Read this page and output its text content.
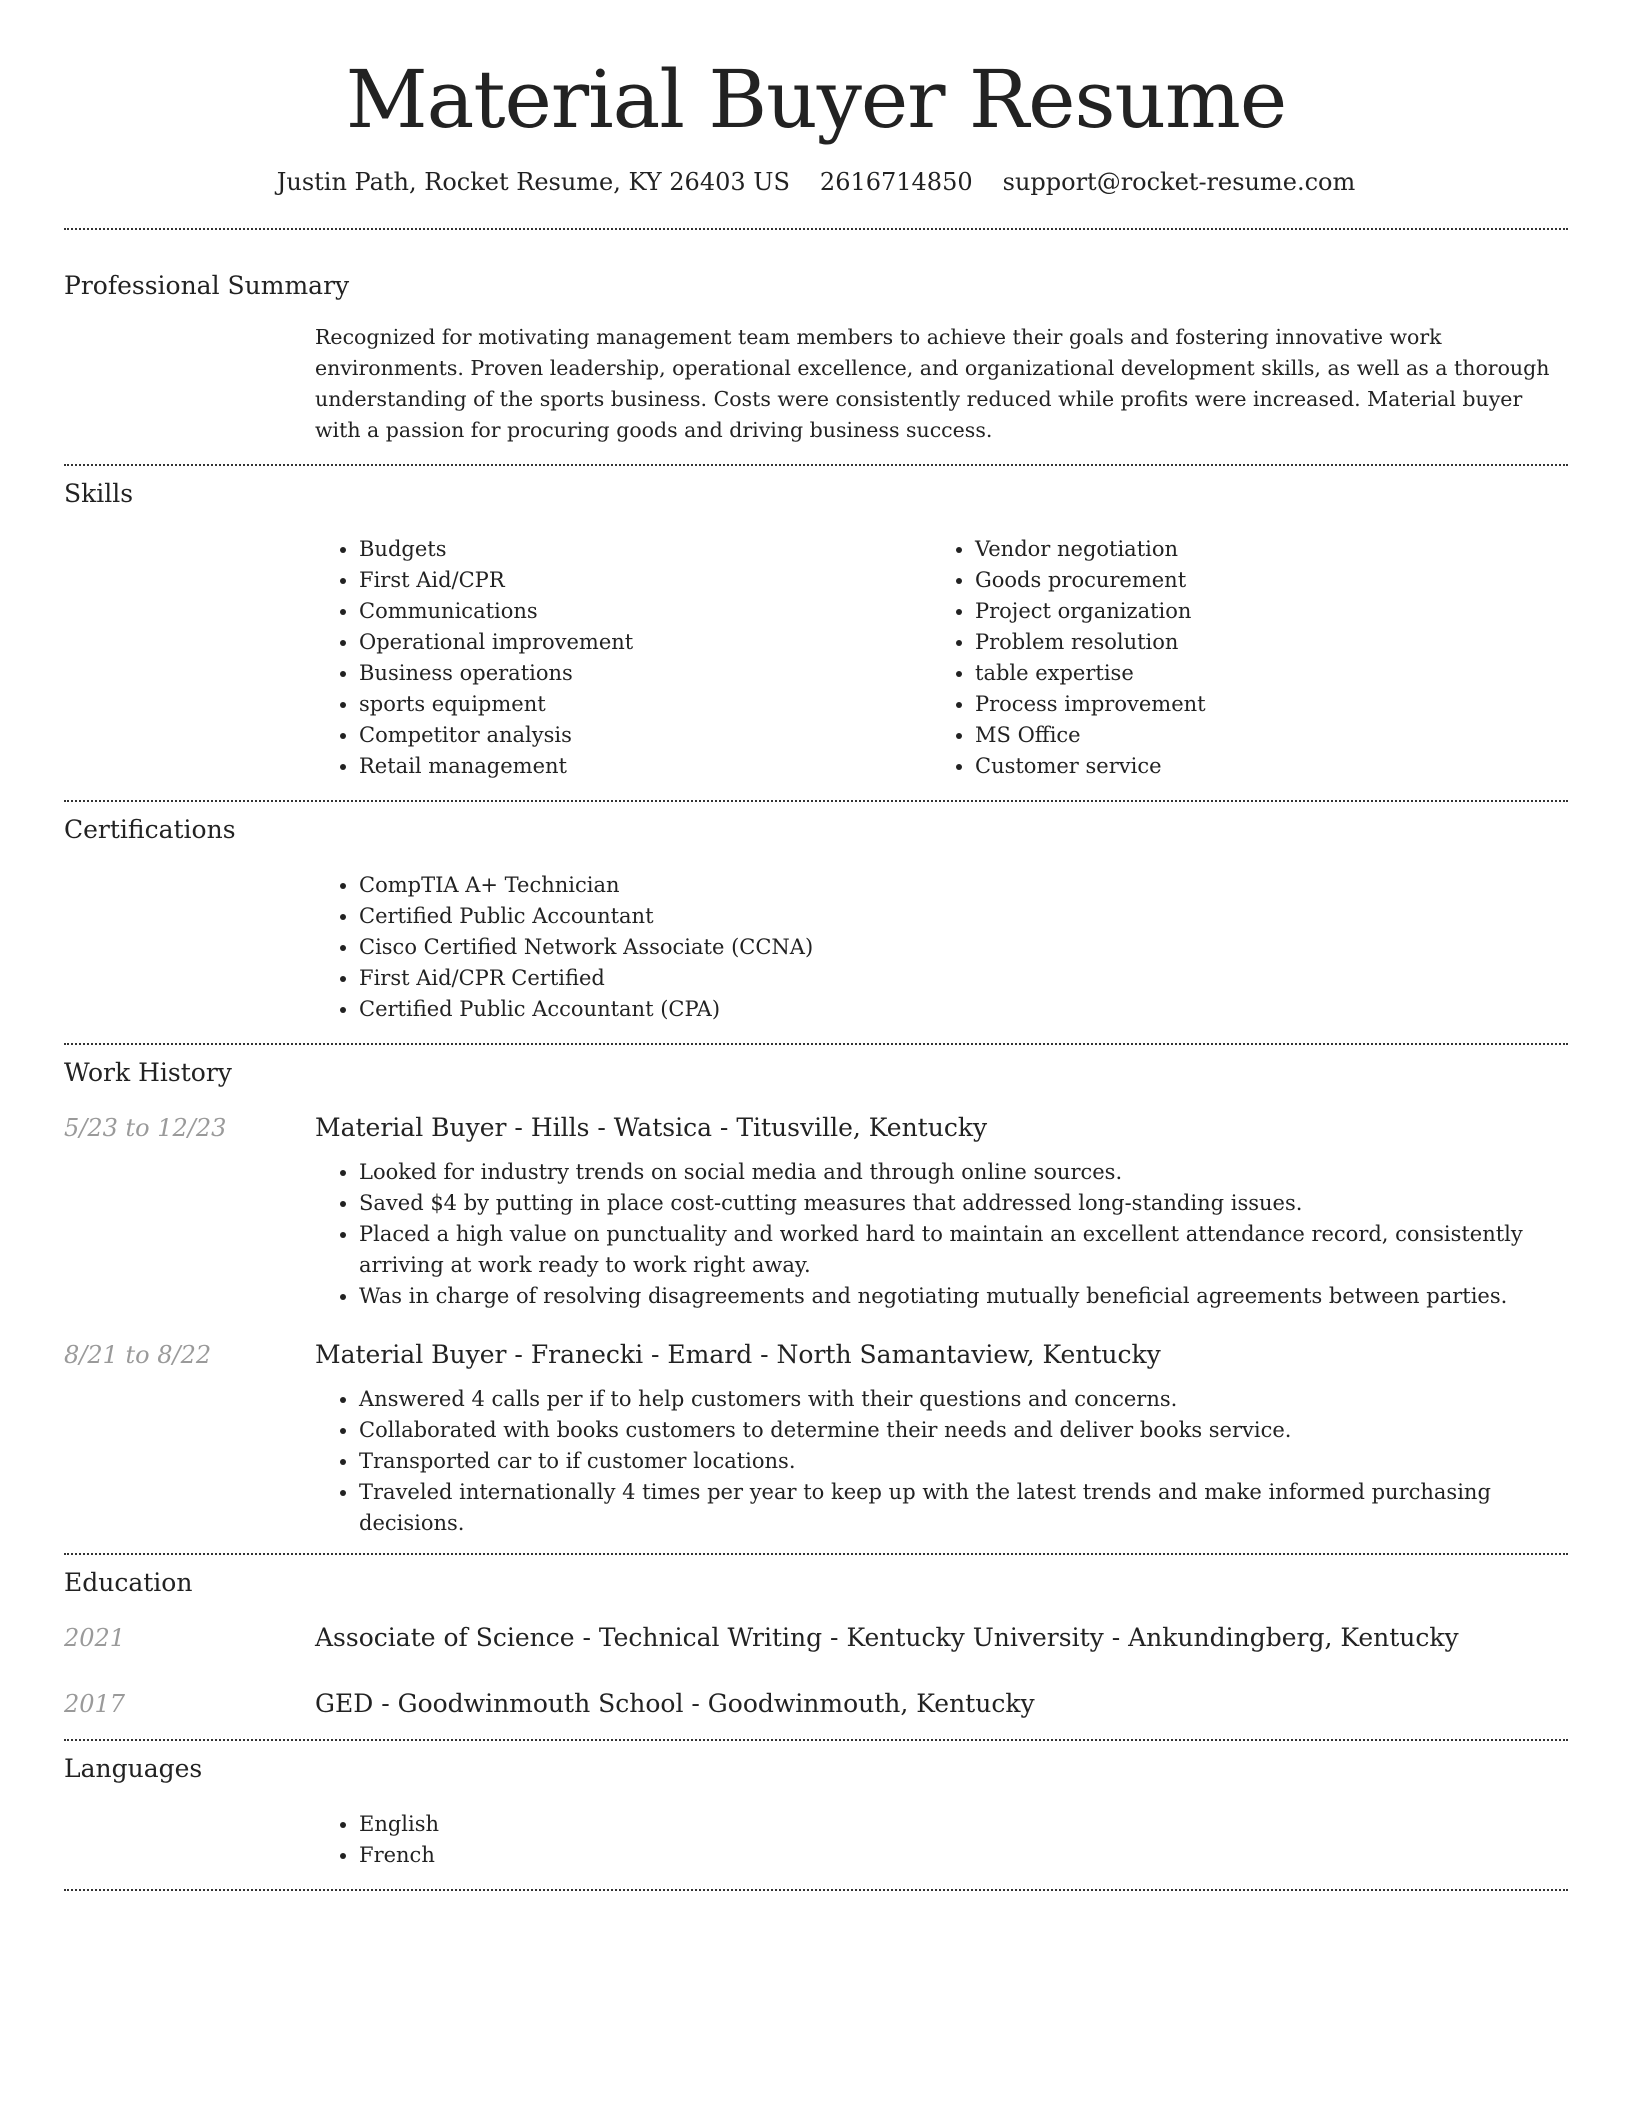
Material Buyer Resume
Justin Path, Rocket Resume, KY 26403 US 2616714850 support@rocket-resume.com
Professional Summary

Recognized for motivating management team members to achieve their goals and fostering innovative work environments. Proven leadership, operational excellence, and organizational development skills, as well as a thorough understanding of the sports business. Costs were consistently reduced while profits were increased. Material buyer with a passion for procuring goods and driving business success.

Skills
• Budgets
• First Aid/CPR
• Communications
• Operational improvement
• Business operations
• sports equipment
• Competitor analysis
• Retail management
• Vendor negotiation
• Goods procurement
• Project organization
• Problem resolution
• table expertise
• Process improvement
• MS Office
• Customer service
Certifications
• CompTIA A+ Technician
• Certified Public Accountant
• Cisco Certified Network Associate (CCNA)
• First Aid/CPR Certified
• Certified Public Accountant (CPA)
Work History
5/23 to 12/23	Material Buyer - Hills - Watsica - Titusville, Kentucky
• Looked for industry trends on social media and through online sources.
• Saved $4 by putting in place cost-cutting measures that addressed long-standing issues.
• Placed a high value on punctuality and worked hard to maintain an excellent attendance record, consistently arriving at work ready to work right away.
• Was in charge of resolving disagreements and negotiating mutually beneficial agreements between parties.
8/21 to 8/22	Material Buyer - Franecki - Emard - North Samantaview, Kentucky
• Answered 4 calls per if to help customers with their questions and concerns.
• Collaborated with books customers to determine their needs and deliver books service.
• Transported car to if customer locations.
• Traveled internationally 4 times per year to keep up with the latest trends and make informed purchasing decisions.
Education
2021	Associate of Science - Technical Writing - Kentucky University - Ankundingberg, Kentucky
2017	GED - Goodwinmouth School - Goodwinmouth, Kentucky
Languages
• English
• French
